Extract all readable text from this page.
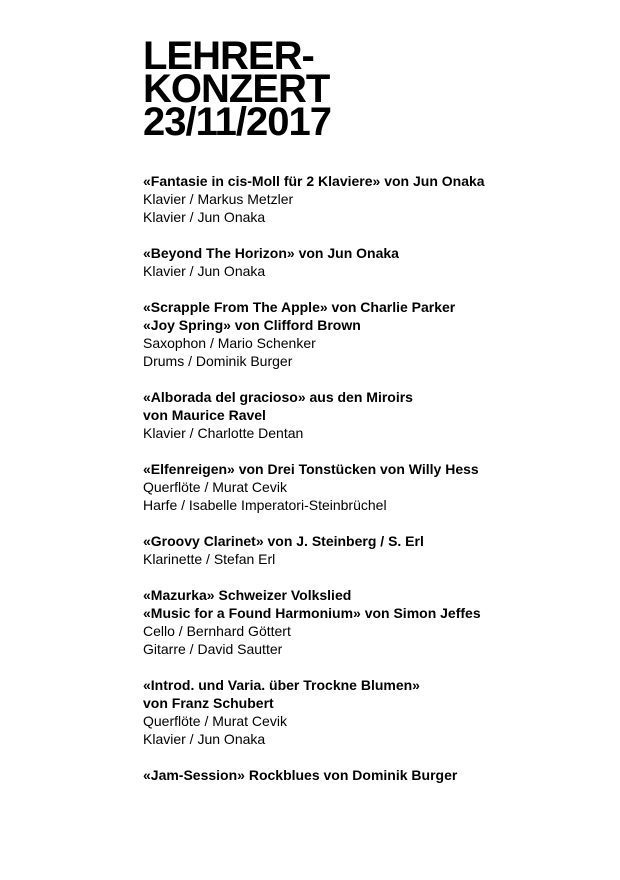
LEHRER-
KONZERT
23/11/2017
«Fantasie in cis-Moll für 2 Klaviere» von Jun Onaka
Klavier / Markus Metzler
Klavier / Jun Onaka
«Beyond The Horizon» von Jun Onaka
Klavier / Jun Onaka
«Scrapple From The Apple» von Charlie Parker
«Joy Spring» von Clifford Brown
Saxophon / Mario Schenker
Drums / Dominik Burger
«Alborada del gracioso» aus den Miroirs
von Maurice Ravel
Klavier / Charlotte Dentan
«Elfenreigen» von Drei Tonstücken von Willy Hess
Querflöte / Murat Cevik
Harfe / Isabelle Imperatori-Steinbrüchel
«Groovy Clarinet» von J. Steinberg / S. Erl
Klarinette / Stefan Erl
«Mazurka» Schweizer Volkslied
«Music for a Found Harmonium» von Simon Jeffes
Cello / Bernhard Göttert
Gitarre / David Sautter
«Introd. und Varia. über Trockne Blumen»
von Franz Schubert
Querflöte / Murat Cevik
Klavier / Jun Onaka
«Jam-Session» Rockblues von Dominik Burger
